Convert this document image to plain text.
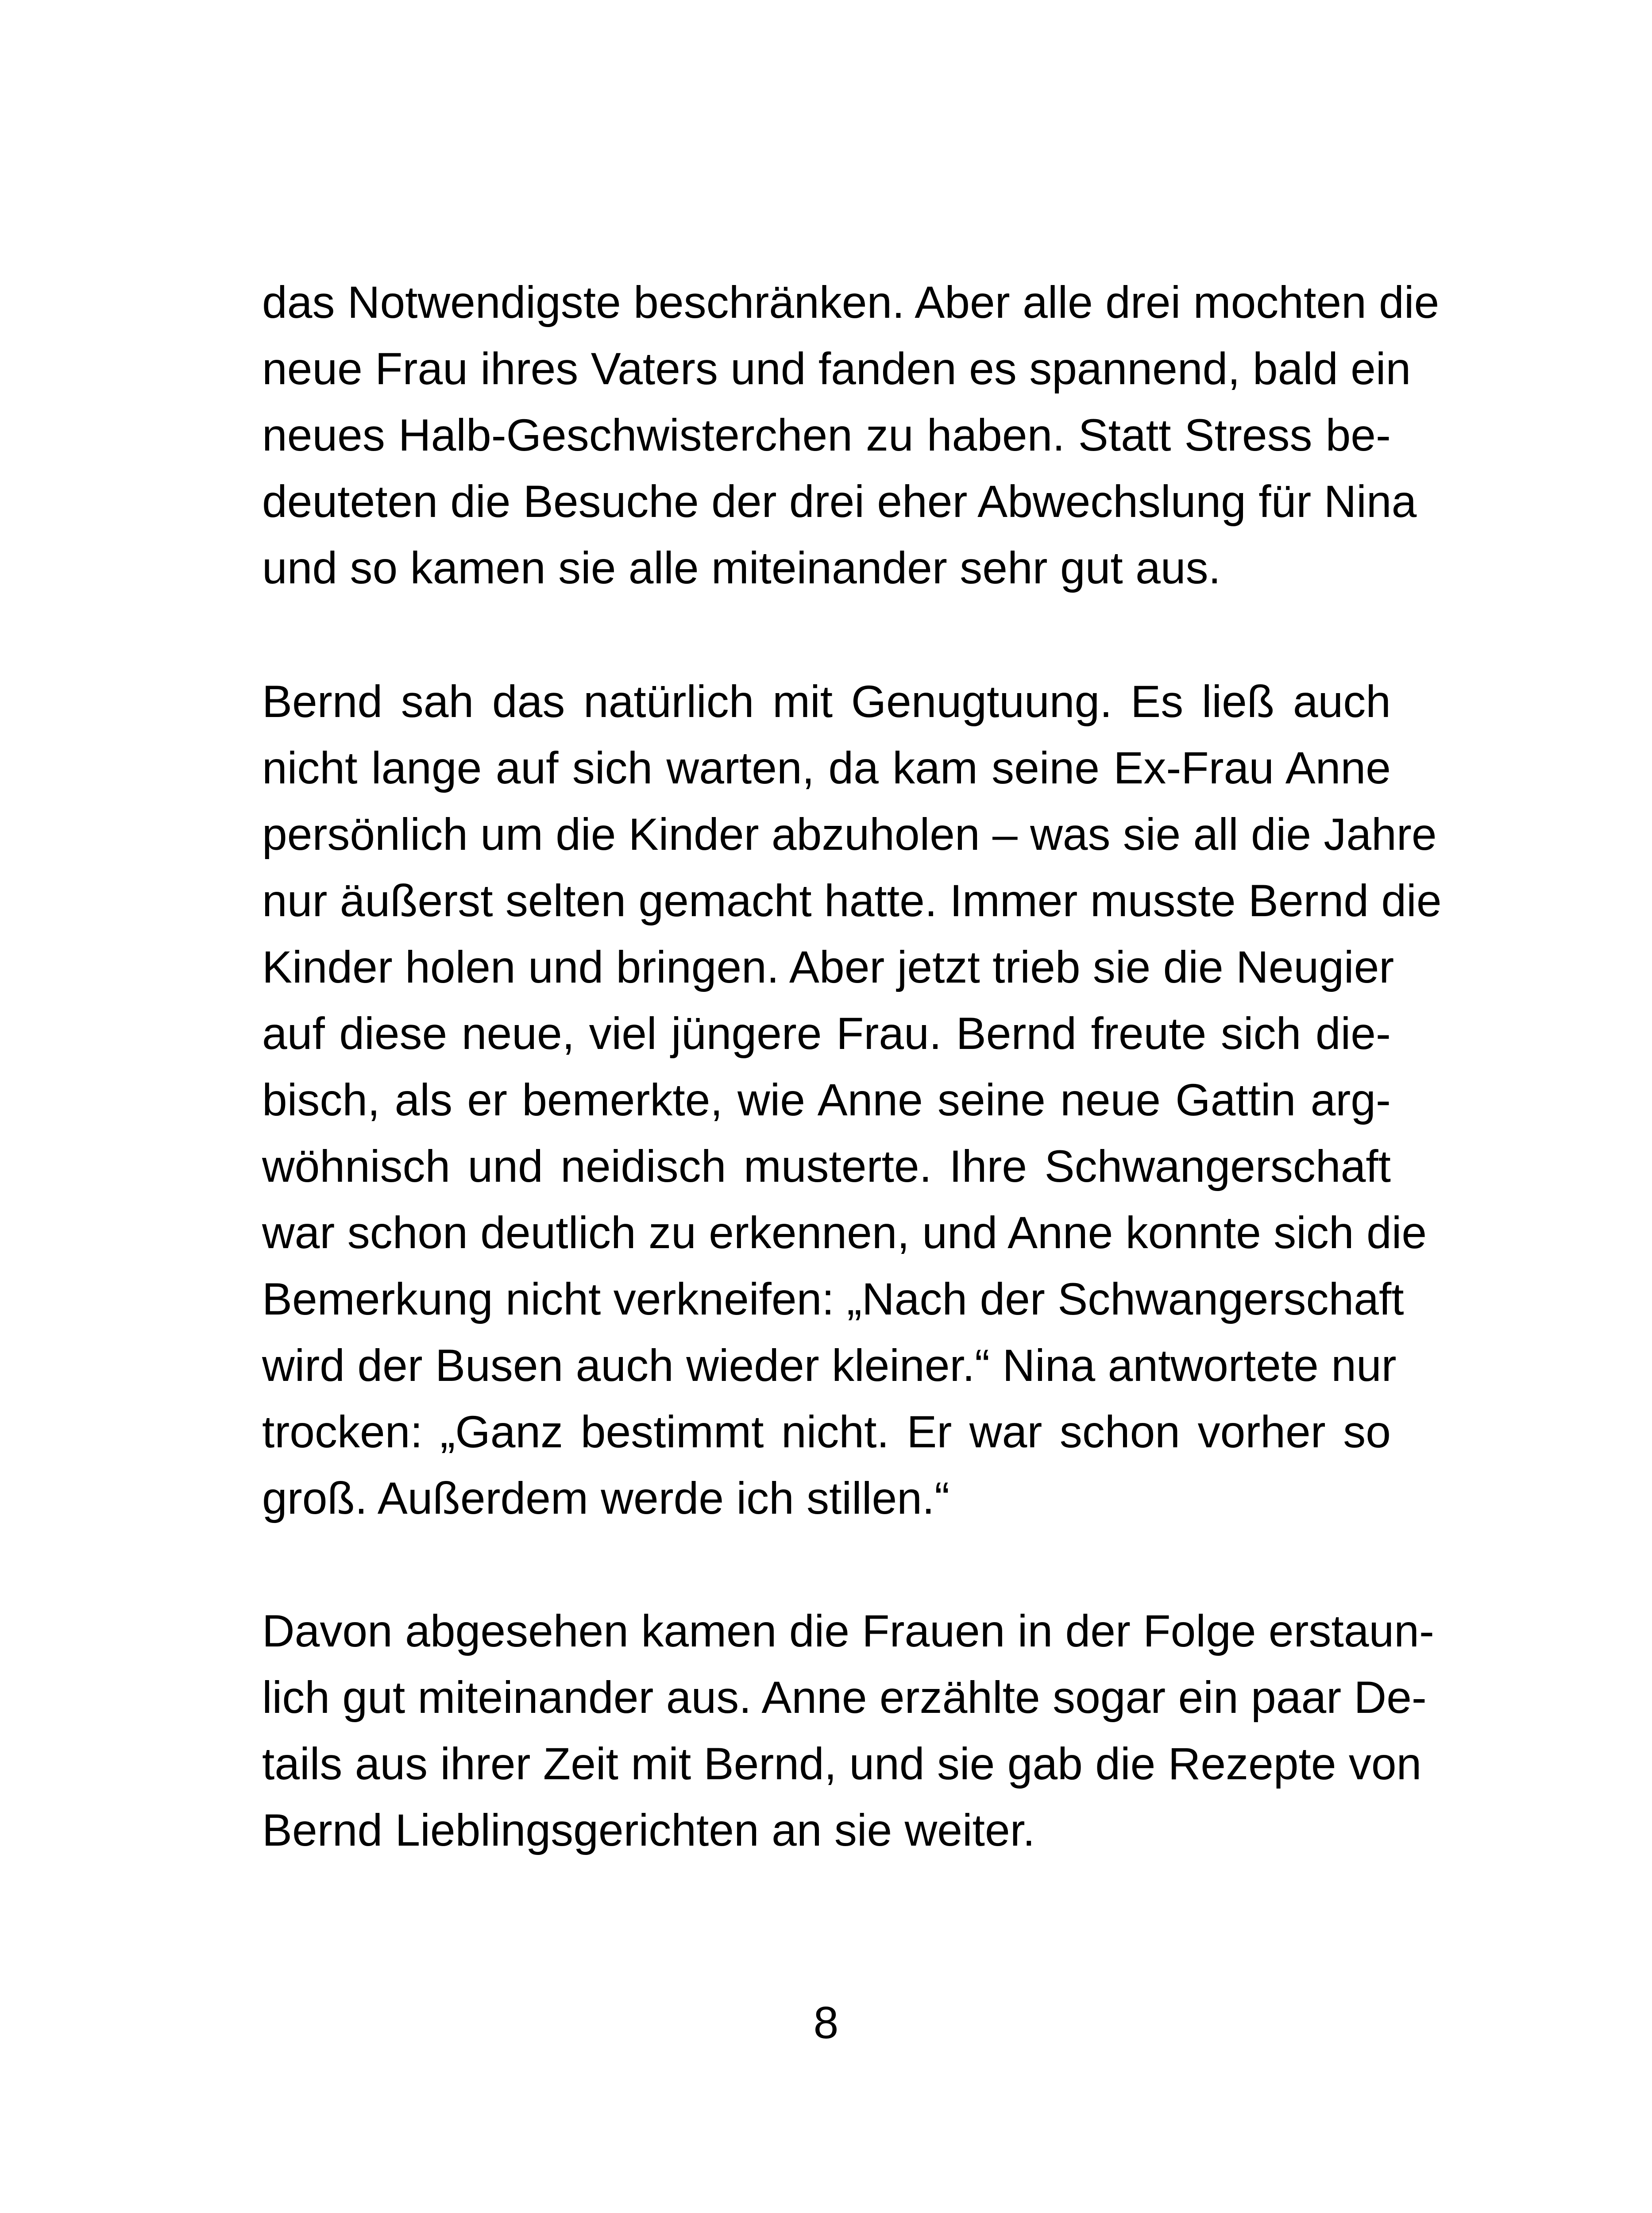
das Notwendigste beschränken. Aber alle drei mochten die
neue Frau ihres Vaters und fanden es spannend, bald ein
neues Halb-Geschwisterchen zu haben. Statt Stress be-
deuteten die Besuche der drei eher Abwechslung für Nina
und so kamen sie alle miteinander sehr gut aus.
Bernd sah das natürlich mit Genugtuung. Es ließ auch
nicht lange auf sich warten, da kam seine Ex-Frau Anne
persönlich um die Kinder abzuholen – was sie all die Jahre
nur äußerst selten gemacht hatte. Immer musste Bernd die
Kinder holen und bringen. Aber jetzt trieb sie die Neugier
auf diese neue, viel jüngere Frau. Bernd freute sich die-
bisch, als er bemerkte, wie Anne seine neue Gattin arg-
wöhnisch und neidisch musterte. Ihre Schwangerschaft
war schon deutlich zu erkennen, und Anne konnte sich die
Bemerkung nicht verkneifen: „Nach der Schwangerschaft
wird der Busen auch wieder kleiner.“ Nina antwortete nur
trocken: „Ganz bestimmt nicht. Er war schon vorher so
groß. Außerdem werde ich stillen.“
Davon abgesehen kamen die Frauen in der Folge erstaun-
lich gut miteinander aus. Anne erzählte sogar ein paar De-
tails aus ihrer Zeit mit Bernd, und sie gab die Rezepte von
Bernd Lieblingsgerichten an sie weiter.
8
